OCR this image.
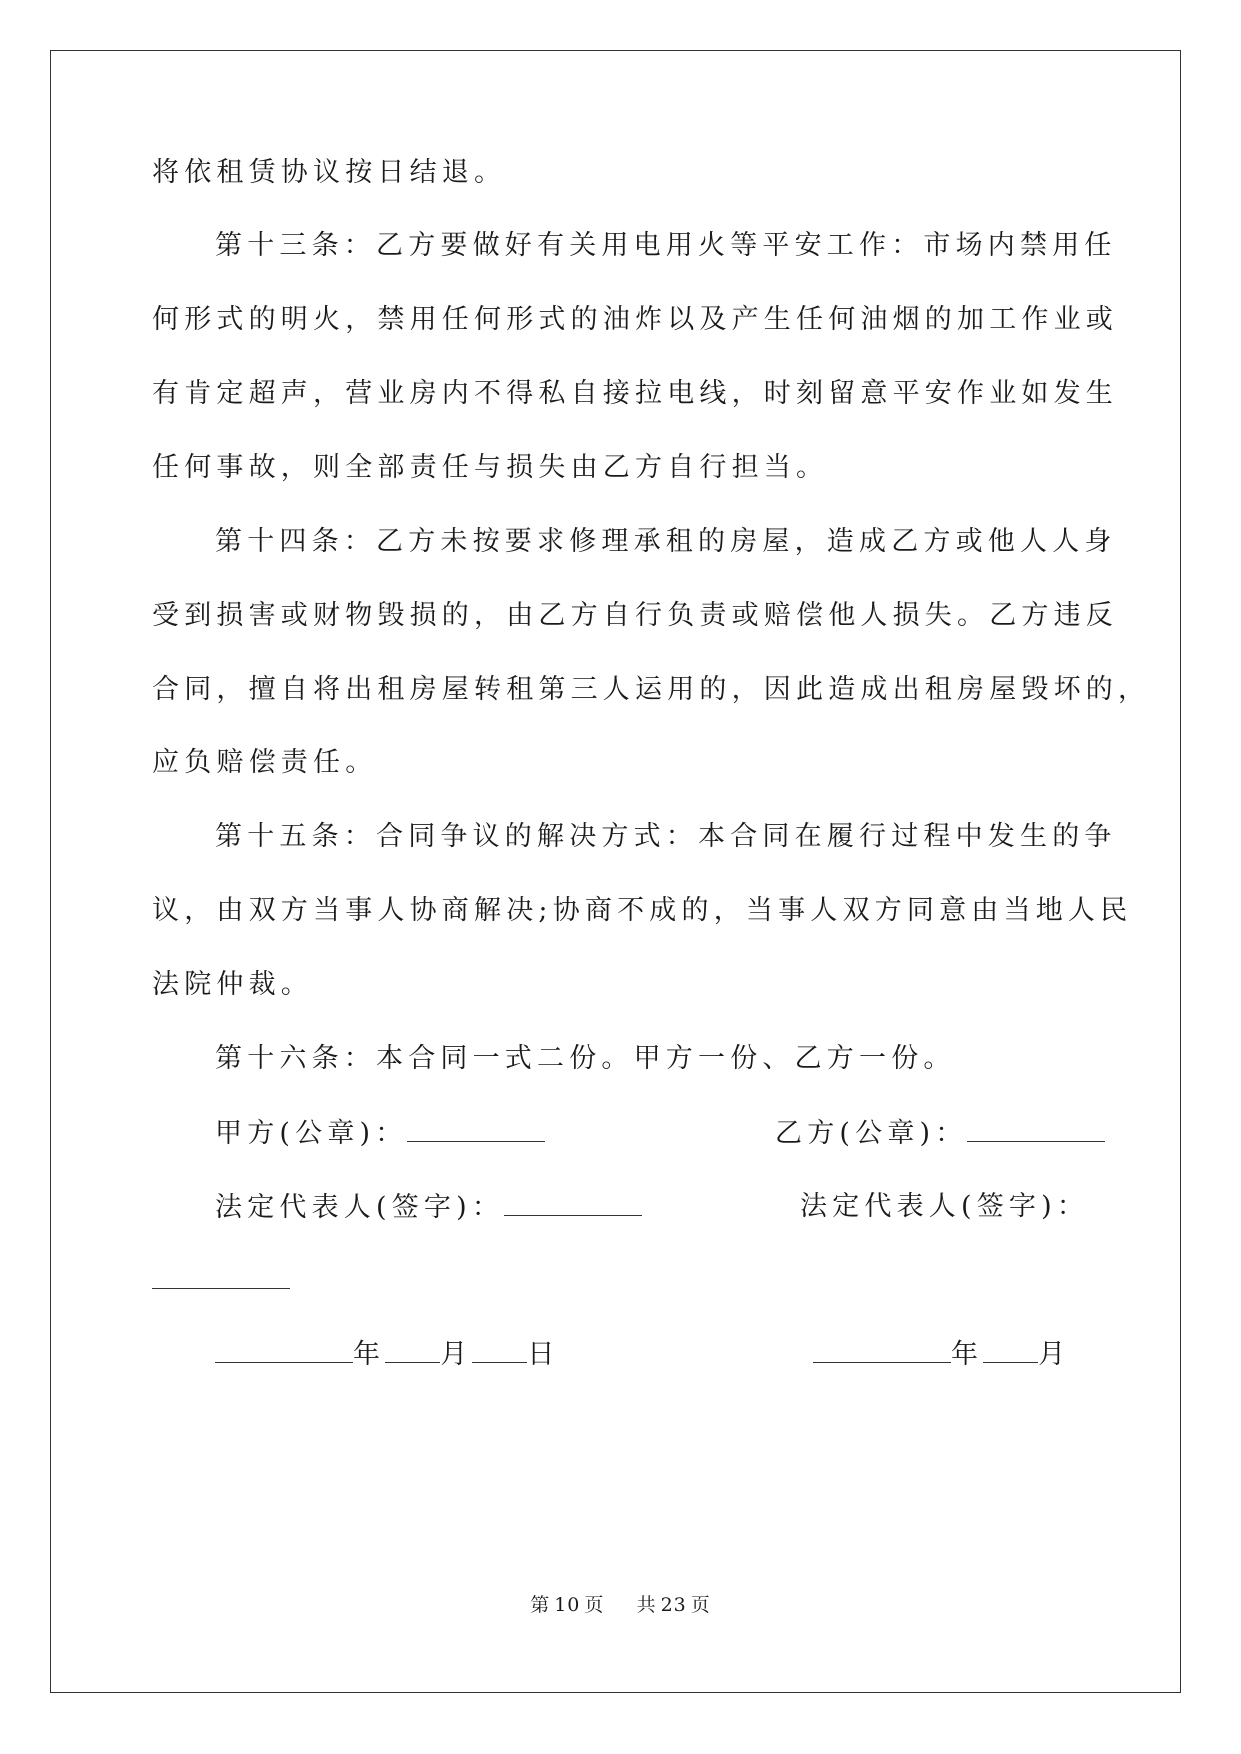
将依租赁协议按日结退。
第十三条：乙方要做好有关用电用火等平安工作：市场内禁用任
何形式的明火，禁用任何形式的油炸以及产生任何油烟的加工作业或
有肯定超声，营业房内不得私自接拉电线，时刻留意平安作业如发生
任何事故，则全部责任与损失由乙方自行担当。
第十四条：乙方未按要求修理承租的房屋，造成乙方或他人人身
受到损害或财物毁损的，由乙方自行负责或赔偿他人损失。乙方违反
合同，擅自将出租房屋转租第三人运用的，因此造成出租房屋毁坏的，
应负赔偿责任。
第十五条：合同争议的解决方式：本合同在履行过程中发生的争
议，由双方当事人协商解决;协商不成的，当事人双方同意由当地人民
法院仲裁。
第十六条：本合同一式二份。甲方一份、乙方一份。
甲方(公章)：	乙方(公章)：
法定代表人(签字)：	法定代表人(签字)：
年 月 日	年 月
第 10 页 共 23 页
